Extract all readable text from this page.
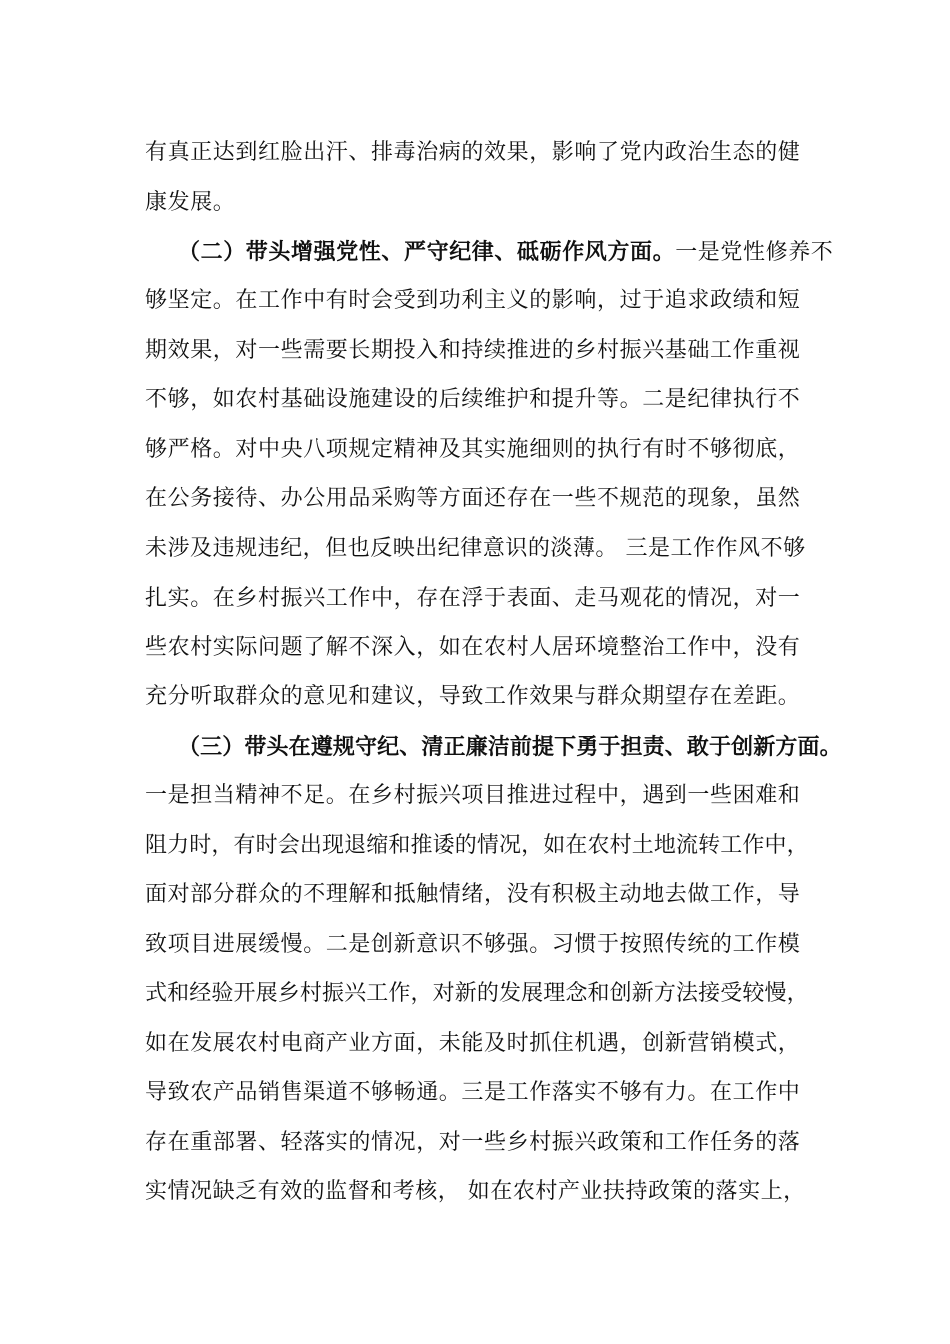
有真正达到红脸出汗、排毒治病的效果，影响了党内政治生态的健
康发展。
（二）带头增强党性、严守纪律、砥砺作风方面。一是党性修养不
够坚定。在工作中有时会受到功利主义的影响，过于追求政绩和短
期效果，对一些需要长期投入和持续推进的乡村振兴基础工作重视
不够，如农村基础设施建设的后续维护和提升等。二是纪律执行不
够严格。对中央八项规定精神及其实施细则的执行有时不够彻底，
在公务接待、办公用品采购等方面还存在一些不规范的现象，虽然
未涉及违规违纪，但也反映出纪律意识的淡薄。 三是工作作风不够
扎实。在乡村振兴工作中，存在浮于表面、走马观花的情况，对一
些农村实际问题了解不深入，如在农村人居环境整治工作中，没有
充分听取群众的意见和建议，导致工作效果与群众期望存在差距。
（三）带头在遵规守纪、清正廉洁前提下勇于担责、敢于创新方面。
一是担当精神不足。在乡村振兴项目推进过程中，遇到一些困难和
阻力时，有时会出现退缩和推诿的情况，如在农村土地流转工作中，
面对部分群众的不理解和抵触情绪，没有积极主动地去做工作，导
致项目进展缓慢。二是创新意识不够强。习惯于按照传统的工作模
式和经验开展乡村振兴工作，对新的发展理念和创新方法接受较慢，
如在发展农村电商产业方面，未能及时抓住机遇，创新营销模式，
导致农产品销售渠道不够畅通。三是工作落实不够有力。在工作中
存在重部署、轻落实的情况，对一些乡村振兴政策和工作任务的落
实情况缺乏有效的监督和考核， 如在农村产业扶持政策的落实上，
